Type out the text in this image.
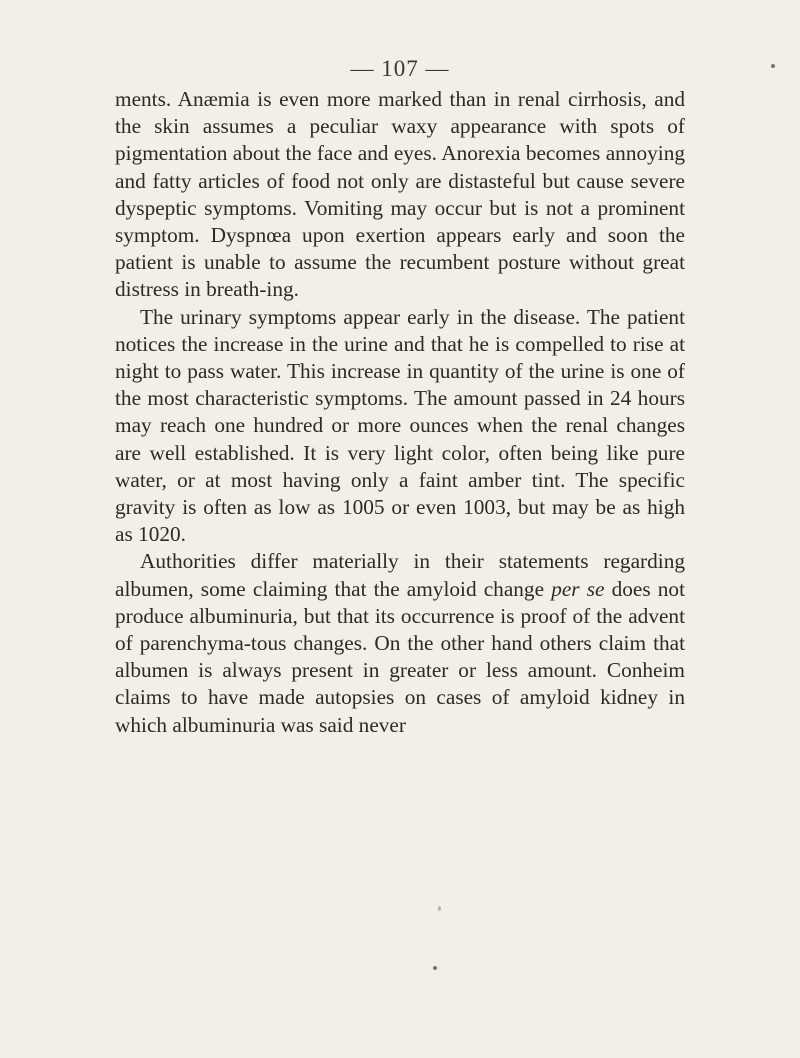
— 107 —

ments. Anæmia is even more marked than in renal cirrhosis, and the skin assumes a peculiar waxy appearance with spots of pigmentation about the face and eyes. Anorexia becomes annoying and fatty articles of food not only are distasteful but cause severe dyspeptic symptoms. Vomiting may occur but is not a prominent symptom. Dyspnœa upon exertion appears early and soon the patient is unable to assume the recumbent posture without great distress in breath-ing.

The urinary symptoms appear early in the disease. The patient notices the increase in the urine and that he is compelled to rise at night to pass water. This increase in quantity of the urine is one of the most characteristic symptoms. The amount passed in 24 hours may reach one hundred or more ounces when the renal changes are well established. It is very light color, often being like pure water, or at most having only a faint amber tint. The specific gravity is often as low as 1005 or even 1003, but may be as high as 1020.

Authorities differ materially in their statements regarding albumen, some claiming that the amyloid change per se does not produce albuminuria, but that its occurrence is proof of the advent of parenchyma-tous changes. On the other hand others claim that albumen is always present in greater or less amount. Conheim claims to have made autopsies on cases of amyloid kidney in which albuminuria was said never
